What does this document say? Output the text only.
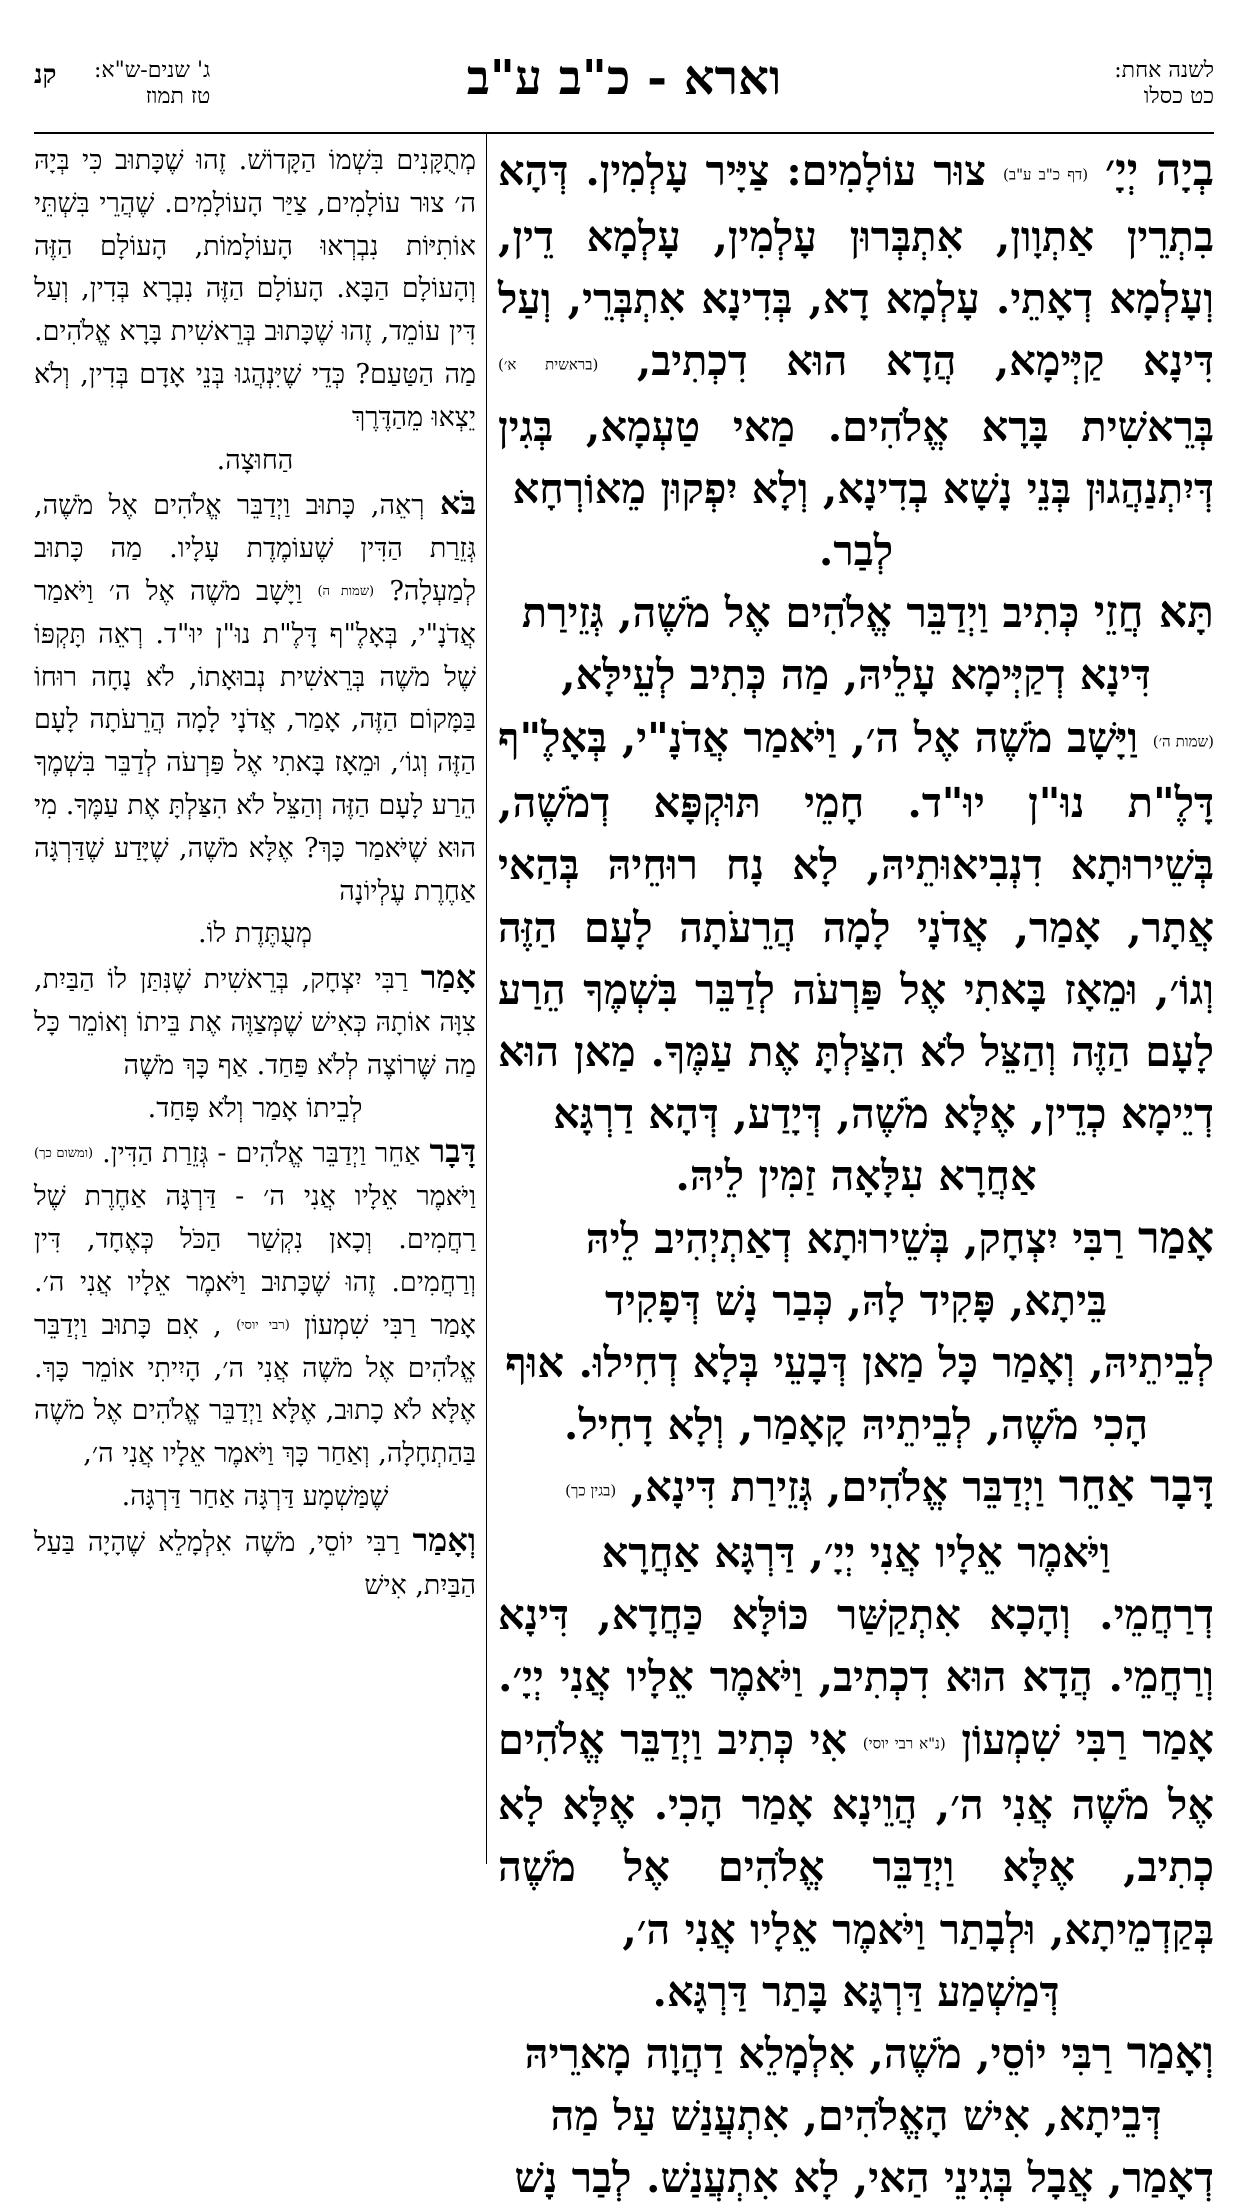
לשנה אחת:
כט כסלו
וארא - כ"ב ע"ב
ג' שנים-ש"א:
טז תמוז
קנ

בְיָה יְיָ׳ (דף כ"ב ע"ב) צוּר עוֹלָמִים: צַיָּיר עָלְמִין. דְּהָא בִתְרֵין אַתְוָון, אִתְבְּרוּן עָלְמִין, עָלְמָא דֵין, וְעָלְמָא דְאָתֵי. עָלְמָא דָא, בְּדִינָא אִתְבְּרֵי, וְעַל דִּינָא קַיְּימָא, הֲדָא הוּא דִכְתִיב, (בראשית א׳) בְּרֵאשִׁית בָּרָא אֱלֹהִים. מַאי טַעְמָא, בְּגִין דְּיִתְנַהֲגוּן בְּנֵי נָשָׁא בְדִינָא, וְלָא יִפְקוּן מֵאוֹרְחָא

לְבַר.

תָּא חֲזֵי כְּתִיב וַיְדַבֵּר אֱלֹהִים אֶל מֹשֶׁה, גְּזֵירַת

דִּינָא דְקַיְּימָא עָלֵיהּ, מַה כְּתִיב לְעֵילָּא,

(שמות ה׳) וַיָּשָׁב מֹשֶׁה אֶל ה׳, וַיֹּאמַר אֲדֹנָ"י, בְּאָלֶ"ף דָּלֶ"ת נוּ"ן יוּ"ד. חָמֵי תּוּקְפָּא דְמֹשֶׁה, בְּשֵׁירוּתָא דִנְבִיאוּתֵיהּ, לָא נָח רוּחֵיהּ בְּהַאי אֲתָר, אָמַר, אֲדֹנָי לָמָה הֲרֵעֹתָה לָעָם הַזֶּה וְגוֹ׳, וּמֵאָז בָּאתִי אֶל פַּרְעֹה לְדַבֵּר בִּשְׁמֶךָ הֵרַע לָעָם הַזֶּה וְהַצֵּל לֹא הִצַּלְתָּ אֶת עַמֶּךָ. מַאן הוּא דְיֵימָא כְדֵין, אֶלָּא מֹשֶׁה, דְּיָדַע, דְּהָא דַרְגָּא

אַחֲרָא עִלָּאָה זַמִּין לֵיהּ.

אָמַר רַבִּי יִצְחָק, בְּשֵׁירוּתָא דְאַתְיְהִיב לֵיהּ

בֵּיתָא, פָּקִיד לָהּ, כְּבַר נָשׁ דְּפָקִיד

לְבֵיתֵיהּ, וְאָמַר כָּל מַאן דְּבָעֵי בְּלָא דְחִילוּ. אוּף

הָכִי מֹשֶׁה, לְבֵיתֵיהּ קָאָמַר, וְלָא דָחִיל.

דָּבָר אַחֵר וַיְדַבֵּר אֱלֹהִים, גְּזֵירַת דִּינָא, (בגין כך)

וַיֹּאמֶר אֵלָיו אֲנִי יְיָ׳, דַּרְגָּא אַחֲרָא

דְרַחֲמֵי. וְהָכָא אִתְקַשַּׁר כּוֹלָּא כַּחֲדָא, דִּינָא וְרַחֲמֵי. הֲדָא הוּא דִכְתִיב, וַיֹּאמֶר אֵלָיו אֲנִי יְיָ׳. אָמַר רַבִּי שִׁמְעוֹן (נ"א רבי יוסי) אִי כְּתִיב וַיְדַבֵּר אֱלֹהִים אֶל מֹשֶׁה אֲנִי ה׳, הֲוֵינָא אָמַר הָכִי. אֶלָּא לָא כְתִיב, אֶלָּא וַיְדַבֵּר אֱלֹהִים אֶל מֹשֶׁה בְּקַדְמֵיתָא, וּלְבָתַר וַיֹּאמֶר אֵלָיו אֲנִי ה׳,

דְּמַשְׁמַע דַּרְגָּא בָּתַר דַּרְגָּא.

וְאָמַר רַבִּי יוֹסֵי, מֹשֶׁה, אִלְמָלֵא דַהֲוָה מָארֵיהּ

דְּבֵיתָא, אִישׁ הָאֱלֹהִים, אִתְעֲנַשׁ עַל מַה

דְאָמַר, אֲבָל בְּגִינֵי הַאי, לָא אִתְעֲנַשׁ. לְבַר נָשׁ

מְתֻקָּנִים בִּשְׁמוֹ הַקָּדוֹשׁ. זֶהוּ שֶׁכָּתוּב כִּי בְּיָהּ ה׳ צוּר עוֹלָמִים, צַיַּר הָעוֹלָמִים. שֶׁהֲרֵי בִּשְׁתֵּי אוֹתִיּוֹת נִבְרְאוּ הָעוֹלָמוֹת, הָעוֹלָם הַזֶּה וְהָעוֹלָם הַבָּא. הָעוֹלָם הַזֶּה נִבְרָא בְּדִין, וְעַל דִּין עוֹמֵד, זֶהוּ שֶׁכָּתוּב בְּרֵאשִׁית בָּרָא אֱלֹהִים. מַה הַטַּעַם? כְּדֵי שֶׁיִּנְהֲגוּ בְּנֵי אָדָם בְּדִין, וְלֹא יֵצְאוּ מֵהַדֶּרֶךְ

הַחוּצָה.

בֹּא רְאֵה, כָּתוּב וַיְדַבֵּר אֱלֹהִים אֶל מֹשֶׁה, גְּזֵרַת הַדִּין שֶׁעוֹמֶדֶת עָלָיו. מַה כָּתוּב לְמַעְלָה? (שמות ה) וַיָּשָׁב מֹשֶׁה אֶל ה׳ וַיֹּאמַר אֲדֹנָ"י, בְּאָלֶ"ף דָּלֶ"ת נוּ"ן יוּ"ד. רְאֵה תָּקְפּוֹ שֶׁל מֹשֶׁה בְּרֵאשִׁית נְבוּאָתוֹ, לֹא נָחָה רוּחוֹ בַּמָּקוֹם הַזֶּה, אָמַר, אֲדֹנָי לָמָה הֲרֵעֹתָה לָעָם הַזֶּה וְגוֹ׳, וּמֵאָז בָּאתִי אֶל פַּרְעֹה לְדַבֵּר בִּשְׁמֶךָ הֵרַע לָעָם הַזֶּה וְהַצֵּל לֹא הִצַּלְתָּ אֶת עַמֶּךָ. מִי הוּא שֶׁיֹּאמַר כָּךְ? אֶלָּא מֹשֶׁה, שֶׁיָּדַע שֶׁדַּרְגָּה אַחֶרֶת עֶלְיוֹנָה

מְעֻתֶּדֶת לוֹ.

אָמַר רַבִּי יִצְחָק, בְּרֵאשִׁית שֶׁנִּתַּן לוֹ הַבַּיִת, צִוָּה אוֹתָהּ כְּאִישׁ שֶׁמְּצַוֶּה אֶת בֵּיתוֹ וְאוֹמֵר כָּל מַה שֶּׁרוֹצֶה לְלֹא פַּחַד. אַף כָּךְ מֹשֶׁה

לְבֵיתוֹ אָמַר וְלֹא פָּחַד.

דָּבָר אַחֵר וַיְדַבֵּר אֱלֹהִים - גְּזֵרַת הַדִּין. (ומשום כך) וַיֹּאמֶר אֵלָיו אֲנִי ה׳ - דַּרְגָּה אַחֶרֶת שֶׁל רַחֲמִים. וְכָאן נִקְשַׁר הַכֹּל כְּאֶחָד, דִּין וְרַחֲמִים. זֶהוּ שֶׁכָּתוּב וַיֹּאמֶר אֵלָיו אֲנִי ה׳. אָמַר רַבִּי שִׁמְעוֹן (רבי יוסי) , אִם כָּתוּב וַיְדַבֵּר אֱלֹהִים אֶל מֹשֶׁה אֲנִי ה׳, הָיִיתִי אוֹמֵר כָּךְ. אֶלָּא לֹא כָתוּב, אֶלָּא וַיְדַבֵּר אֱלֹהִים אֶל מֹשֶׁה בַּהַתְחָלָה, וְאַחַר כָּךְ וַיֹּאמֶר אֵלָיו אֲנִי ה׳,

שֶׁמַּשְׁמָע דַּרְגָּה אַחַר דַּרְגָּה.

וְאָמַר רַבִּי יוֹסֵי, מֹשֶׁה אִלְמָלֵא שֶׁהָיָה בַּעַל הַבַּיִת, אִישׁ
